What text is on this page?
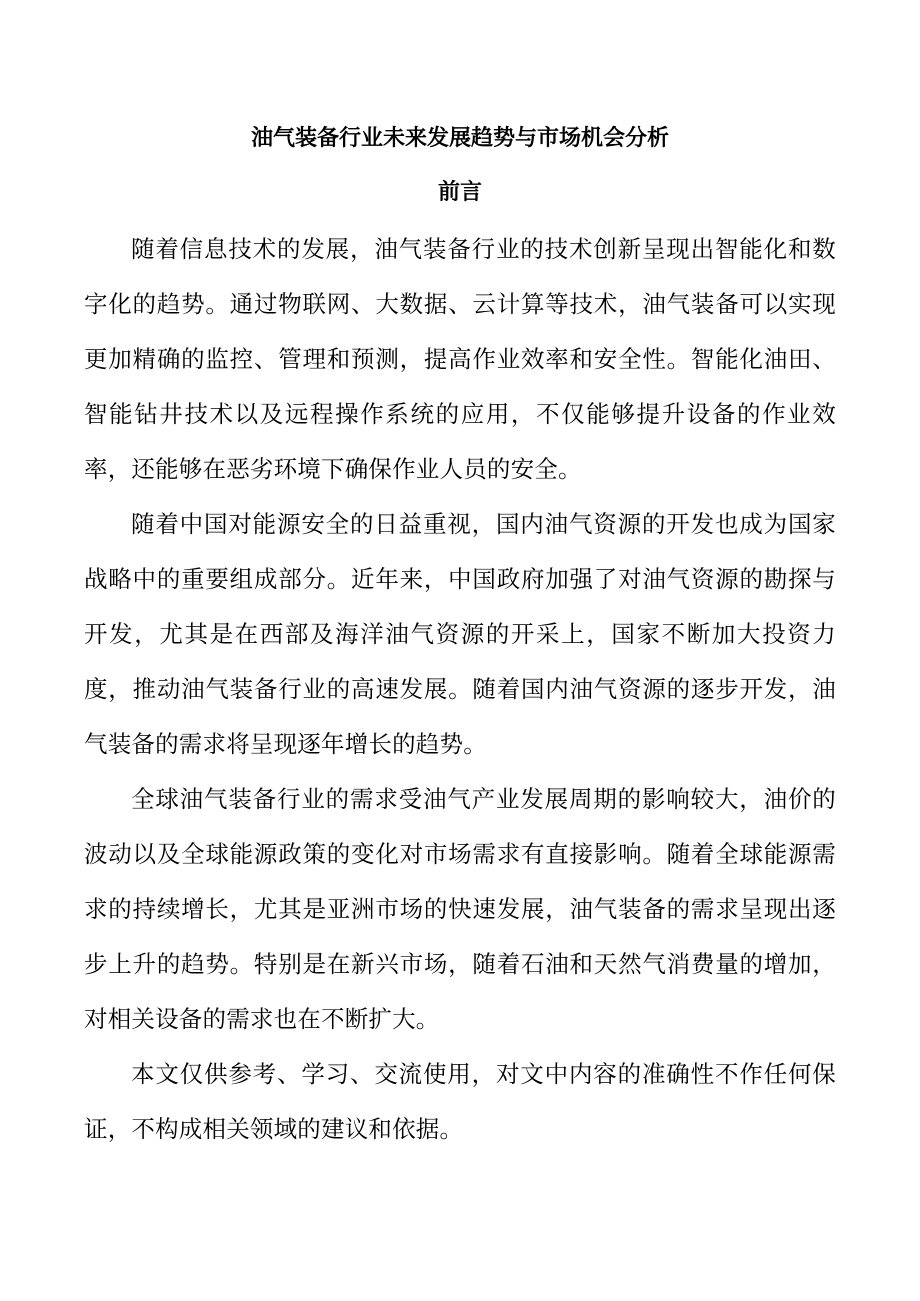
油气装备行业未来发展趋势与市场机会分析
前言

随着信息技术的发展，油气装备行业的技术创新呈现出智能化和数字化的趋势。通过物联网、大数据、云计算等技术，油气装备可以实现更加精确的监控、管理和预测，提高作业效率和安全性。智能化油田、智能钻井技术以及远程操作系统的应用，不仅能够提升设备的作业效率，还能够在恶劣环境下确保作业人员的安全。

随着中国对能源安全的日益重视，国内油气资源的开发也成为国家战略中的重要组成部分。近年来，中国政府加强了对油气资源的勘探与开发，尤其是在西部及海洋油气资源的开采上，国家不断加大投资力度，推动油气装备行业的高速发展。随着国内油气资源的逐步开发，油气装备的需求将呈现逐年增长的趋势。

全球油气装备行业的需求受油气产业发展周期的影响较大，油价的波动以及全球能源政策的变化对市场需求有直接影响。随着全球能源需求的持续增长，尤其是亚洲市场的快速发展，油气装备的需求呈现出逐步上升的趋势。特别是在新兴市场，随着石油和天然气消费量的增加，对相关设备的需求也在不断扩大。

本文仅供参考、学习、交流使用，对文中内容的准确性不作任何保证，不构成相关领域的建议和依据。
